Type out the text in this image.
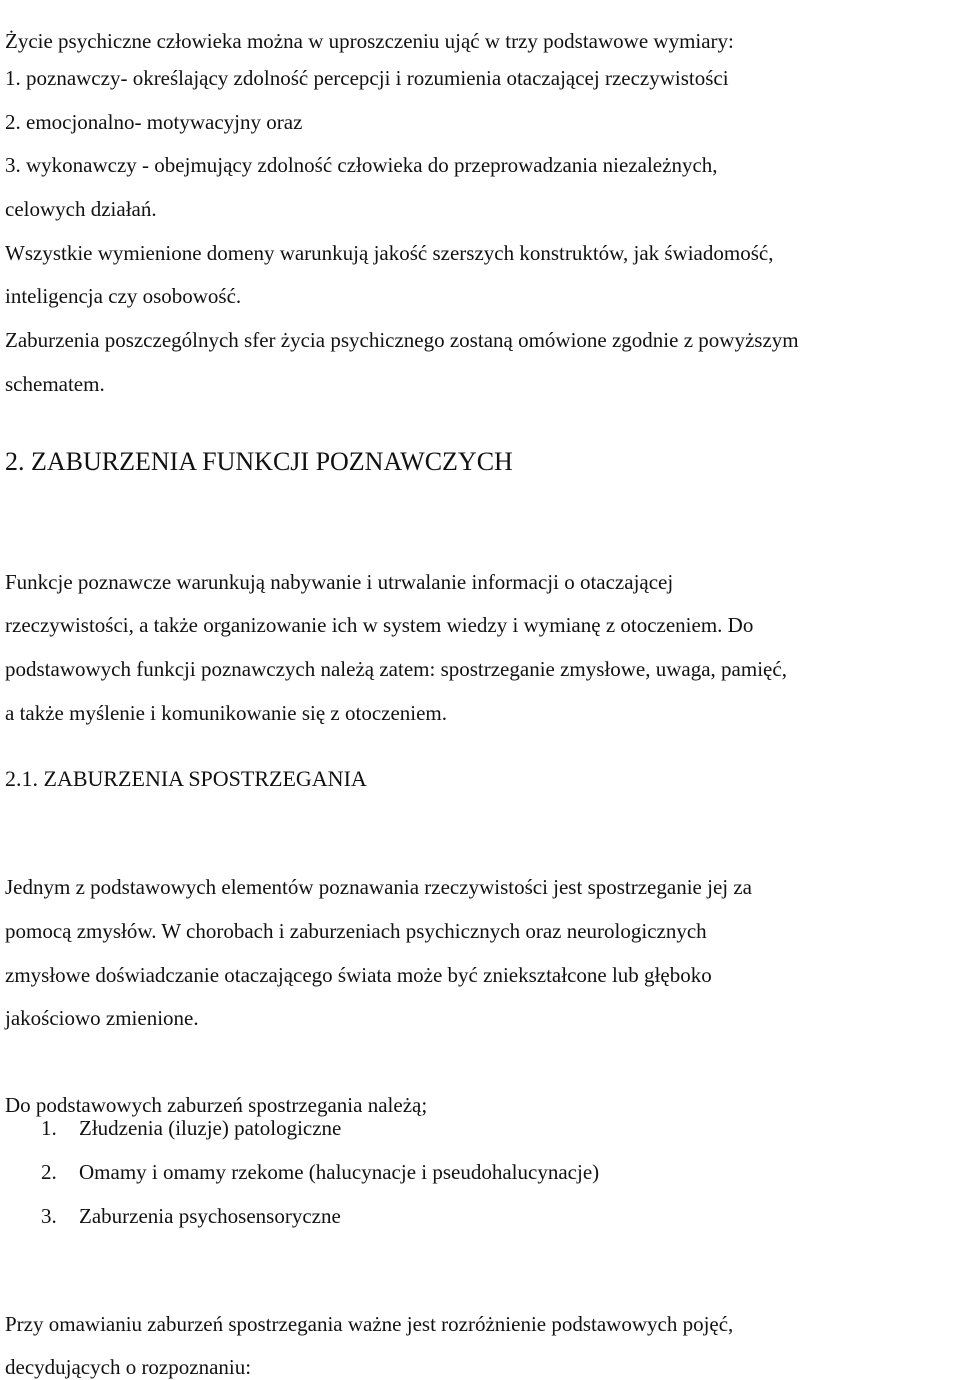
Życie psychiczne człowieka można w uproszczeniu ująć w trzy podstawowe wymiary:

1. poznawczy- określający zdolność percepcji i rozumienia otaczającej rzeczywistości

2. emocjonalno- motywacyjny oraz

3. wykonawczy - obejmujący zdolność człowieka do przeprowadzania niezależnych,

celowych działań.

Wszystkie wymienione domeny warunkują jakość szerszych konstruktów, jak świadomość,

inteligencja czy osobowość.

Zaburzenia poszczególnych sfer życia psychicznego zostaną omówione zgodnie z powyższym

schematem.

2. ZABURZENIA FUNKCJI POZNAWCZYCH

Funkcje poznawcze warunkują nabywanie i utrwalanie informacji o otaczającej

rzeczywistości, a także organizowanie ich w system wiedzy i wymianę z otoczeniem. Do

podstawowych funkcji poznawczych należą zatem: spostrzeganie zmysłowe, uwaga, pamięć,

a także myślenie i komunikowanie się z otoczeniem.

2.1. ZABURZENIA SPOSTRZEGANIA

Jednym z podstawowych elementów poznawania rzeczywistości jest spostrzeganie jej za

pomocą zmysłów. W chorobach i zaburzeniach psychicznych oraz neurologicznych

zmysłowe doświadczanie otaczającego świata może być zniekształcone lub głęboko

jakościowo zmienione.

Do podstawowych zaburzeń spostrzegania należą;

1. Złudzenia (iluzje) patologiczne
2. Omamy i omamy rzekome (halucynacje i pseudohalucynacje)
3. Zaburzenia psychosensoryczne

Przy omawianiu zaburzeń spostrzegania ważne jest rozróżnienie podstawowych pojęć,

decydujących o rozpoznaniu:
